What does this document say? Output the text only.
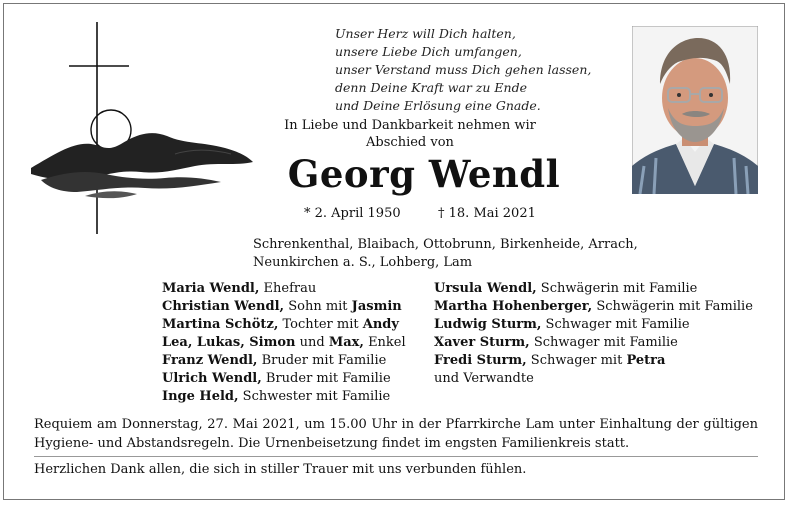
Unser Herz will Dich halten,
unsere Liebe Dich umfangen,
unser Verstand muss Dich gehen lassen,
denn Deine Kraft war zu Ende
und Deine Erlösung eine Gnade.
In Liebe und Dankbarkeit nehmen wir
Abschied von
Georg Wendl
* 2. April 1950	† 18. Mai 2021
Schrenkenthal, Blaibach, Ottobrunn, Birkenheide, Arrach,
Neunkirchen a. S., Lohberg, Lam
Maria Wendl, Ehefrau
Christian Wendl, Sohn mit Jasmin
Martina Schötz, Tochter mit Andy
Lea, Lukas, Simon und Max, Enkel
Franz Wendl, Bruder mit Familie
Ulrich Wendl, Bruder mit Familie
Inge Held, Schwester mit Familie
Ursula Wendl, Schwägerin mit Familie
Martha Hohenberger, Schwägerin mit Familie
Ludwig Sturm, Schwager mit Familie
Xaver Sturm, Schwager mit Familie
Fredi Sturm, Schwager mit Petra
und Verwandte
Requiem am Donnerstag, 27. Mai 2021, um 15.00 Uhr in der Pfarrkirche Lam unter Einhaltung der gültigen Hygiene- und Abstandsregeln. Die Urnenbeisetzung findet im engsten Familienkreis statt.
Herzlichen Dank allen, die sich in stiller Trauer mit uns verbunden fühlen.
